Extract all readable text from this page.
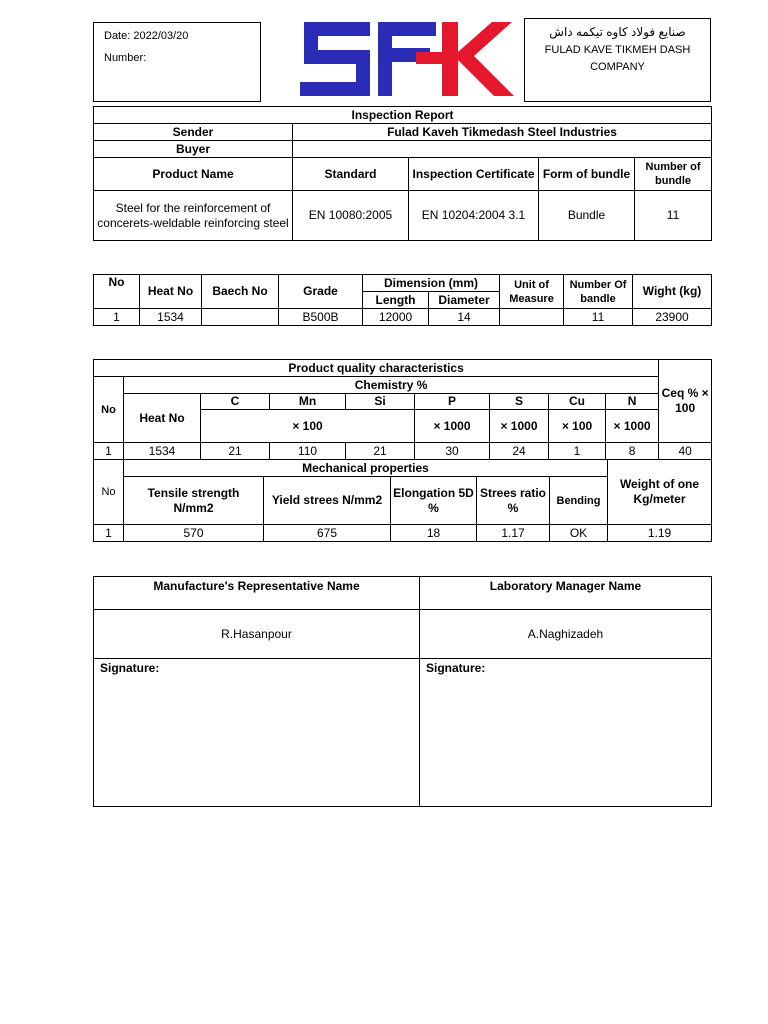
Date: 2022/03/20
Number:
صنایع فولاد کاوه تیکمه داش
FULAD KAVE TIKMEH DASH
COMPANY
Inspection Report				
Sender	Fulad Kaveh Tikmedash Steel Industries			
Buyer				
Product Name	Standard	Inspection Certificate	Form of bundle	Number of bundle
Steel for the reinforcement of concerets-weldable reinforcing steel	EN 10080:2005	EN 10204:2004 3.1	Bundle	11
No	Heat No	Baech No	Grade	Dimension (mm)		Unit of Measure	Number Of bandle	Wight (kg)
				Length	Diameter			
1	1534		B500B	12000	14		11	23900
Product quality characteristics									Ceq % × 100
No	Chemistry %								
	Heat No	C	Mn	Si	P	S	Cu	N	
		× 100			× 1000	× 1000	× 100	× 1000	
1	1534	21	110	21	30	24	1	8	40
No	Mechanical properties					Weight of one Kg/meter
	Tensile strength N/mm2	Yield strees N/mm2	Elongation 5D %	Strees ratio %	Bending	
1	570	675	18	1.17	OK	1.19
Manufacture's Representative Name	Laboratory Manager Name
R.Hasanpour	A.Naghizadeh
Signature:	Signature:
